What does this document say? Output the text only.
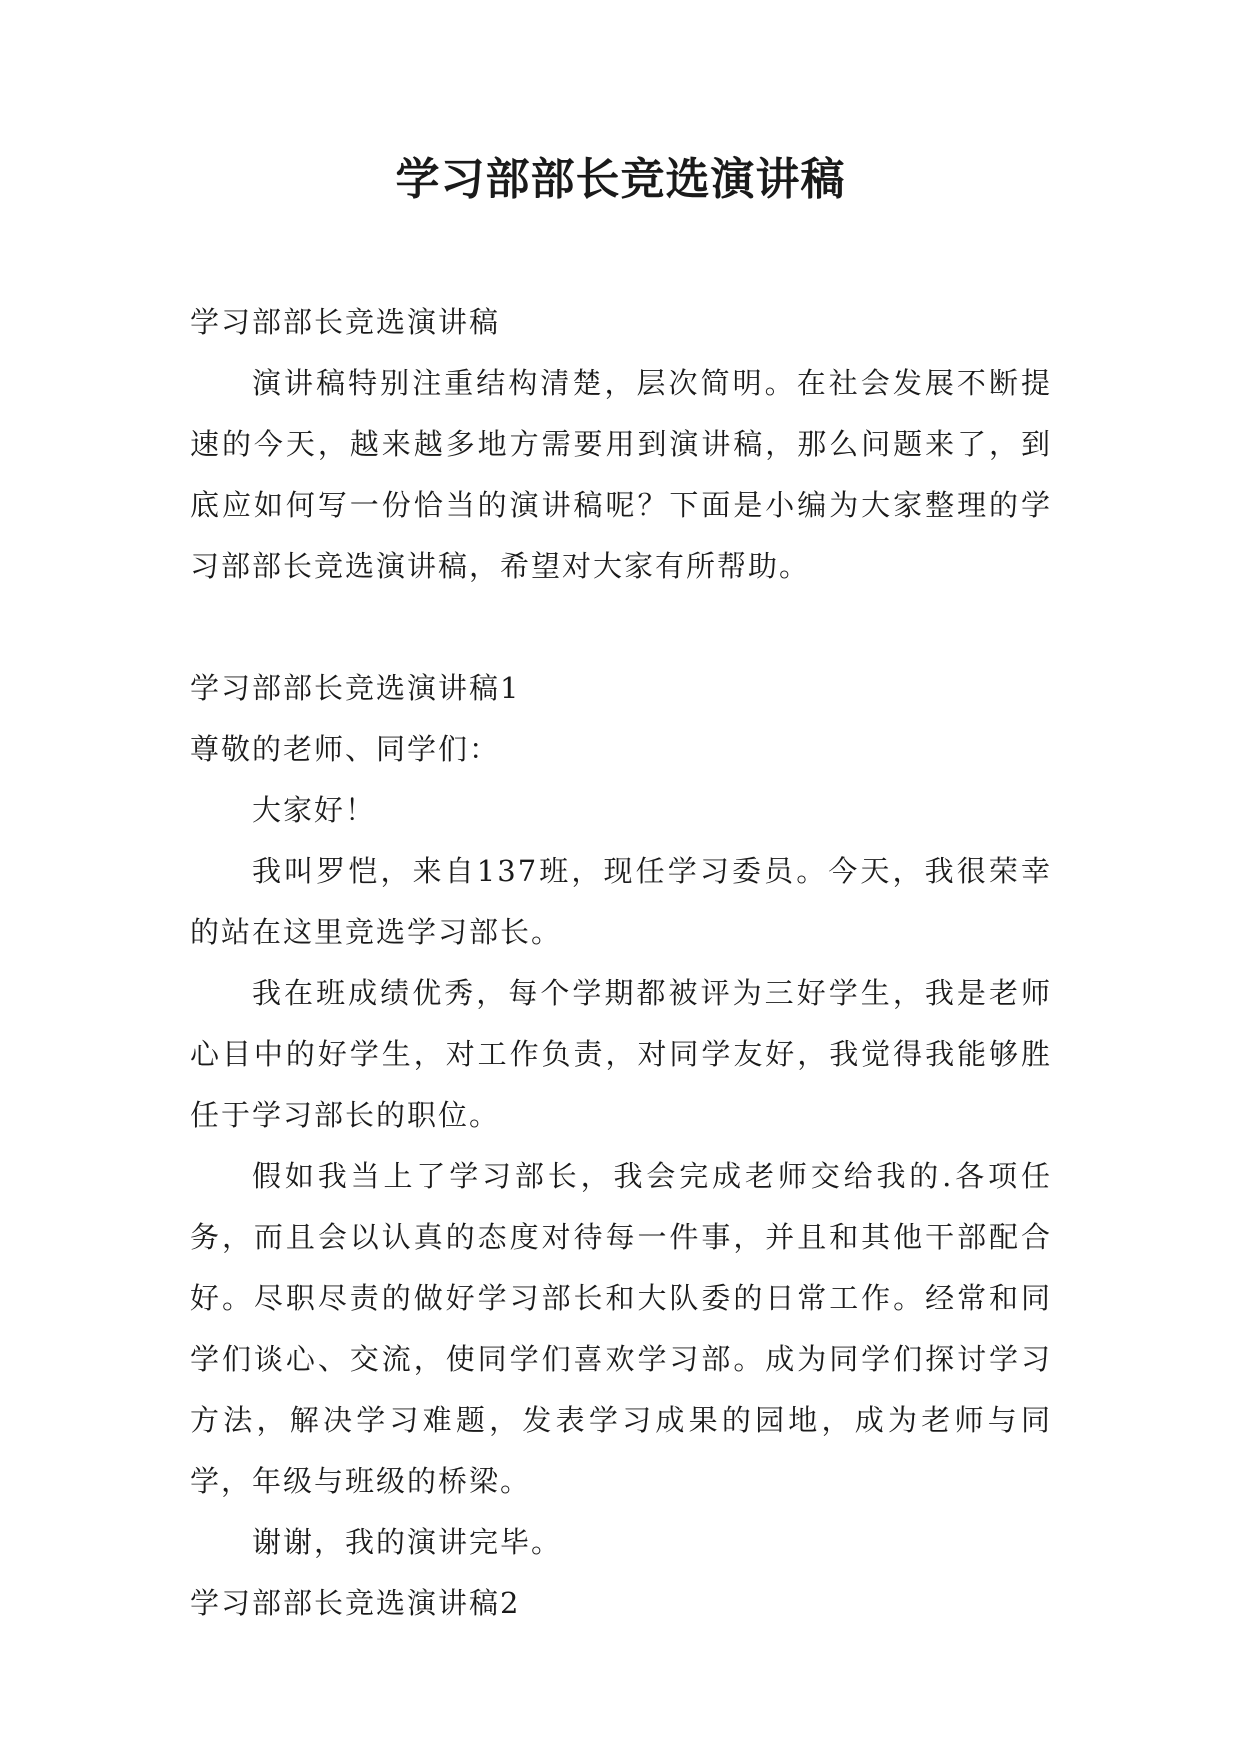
学习部部长竞选演讲稿

学习部部长竞选演讲稿

演讲稿特别注重结构清楚，层次简明。在社会发展不断提速的今天，越来越多地方需要用到演讲稿，那么问题来了，到底应如何写一份恰当的演讲稿呢？下面是小编为大家整理的学习部部长竞选演讲稿，希望对大家有所帮助。

学习部部长竞选演讲稿1

尊敬的老师、同学们：

大家好！

我叫罗恺，来自137班，现任学习委员。今天，我很荣幸的站在这里竞选学习部长。

我在班成绩优秀，每个学期都被评为三好学生，我是老师心目中的好学生，对工作负责，对同学友好，我觉得我能够胜任于学习部长的职位。

假如我当上了学习部长，我会完成老师交给我的.各项任务，而且会以认真的态度对待每一件事，并且和其他干部配合好。尽职尽责的做好学习部长和大队委的日常工作。经常和同学们谈心、交流，使同学们喜欢学习部。成为同学们探讨学习方法，解决学习难题，发表学习成果的园地，成为老师与同学，年级与班级的桥梁。

谢谢，我的演讲完毕。

学习部部长竞选演讲稿2
